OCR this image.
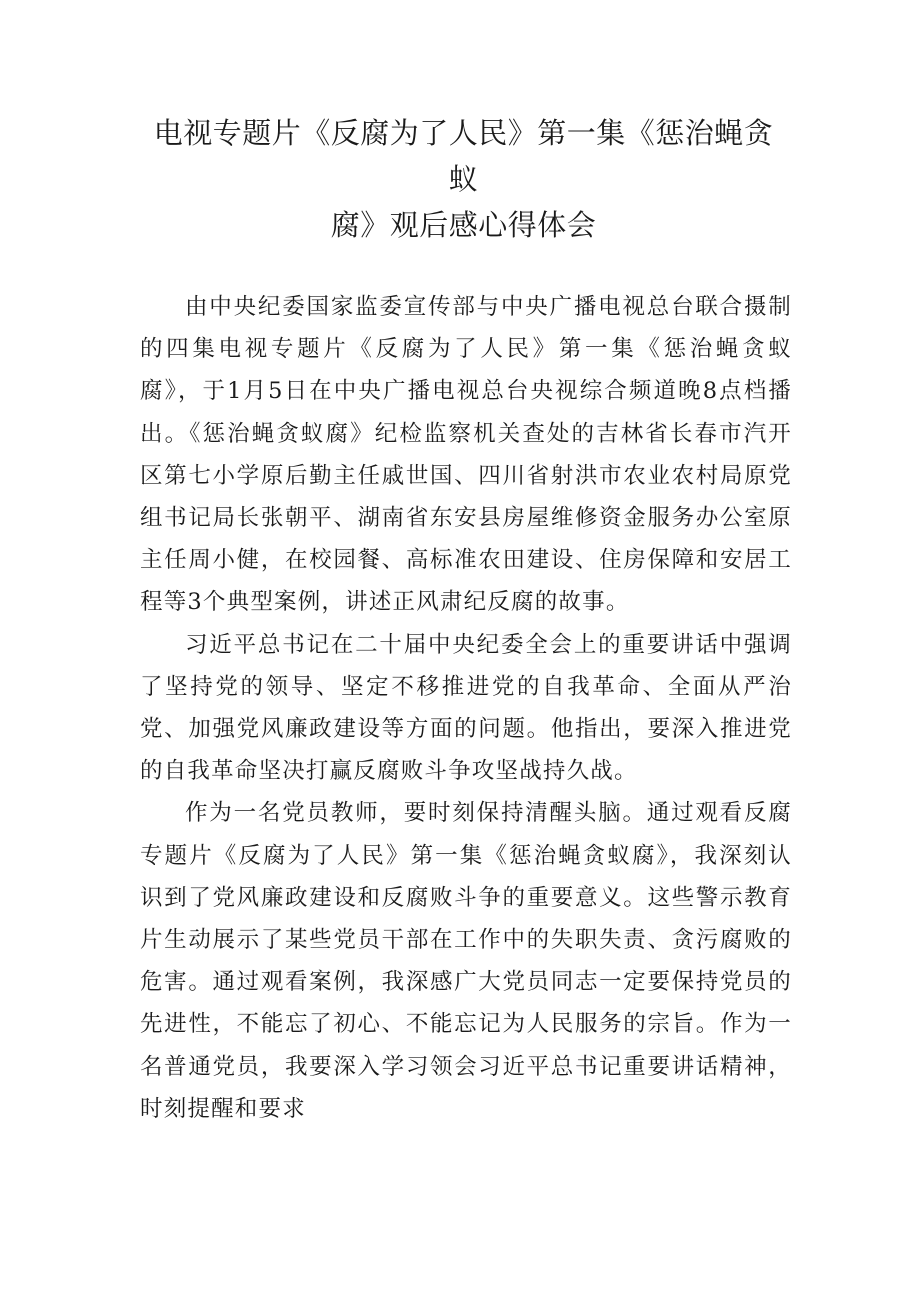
电视专题片《反腐为了人民》第一集《惩治蝇贪蚁
腐》观后感心得体会

由中央纪委国家监委宣传部与中央广播电视总台联合摄制的四集电视专题片《反腐为了人民》第一集《惩治蝇贪蚁腐》，于1月5日在中央广播电视总台央视综合频道晚8点档播出。《惩治蝇贪蚁腐》纪检监察机关查处的吉林省长春市汽开区第七小学原后勤主任戚世国、四川省射洪市农业农村局原党组书记局长张朝平、湖南省东安县房屋维修资金服务办公室原主任周小健，在校园餐、高标准农田建设、住房保障和安居工程等3个典型案例，讲述正风肃纪反腐的故事。

习近平总书记在二十届中央纪委全会上的重要讲话中强调了坚持党的领导、坚定不移推进党的自我革命、全面从严治党、加强党风廉政建设等方面的问题。他指出，要深入推进党的自我革命坚决打赢反腐败斗争攻坚战持久战。

作为一名党员教师，要时刻保持清醒头脑。通过观看反腐专题片《反腐为了人民》第一集《惩治蝇贪蚁腐》，我深刻认识到了党风廉政建设和反腐败斗争的重要意义。这些警示教育片生动展示了某些党员干部在工作中的失职失责、贪污腐败的危害。通过观看案例，我深感广大党员同志一定要保持党员的先进性，不能忘了初心、不能忘记为人民服务的宗旨。作为一名普通党员，我要深入学习领会习近平总书记重要讲话精神，时刻提醒和要求
